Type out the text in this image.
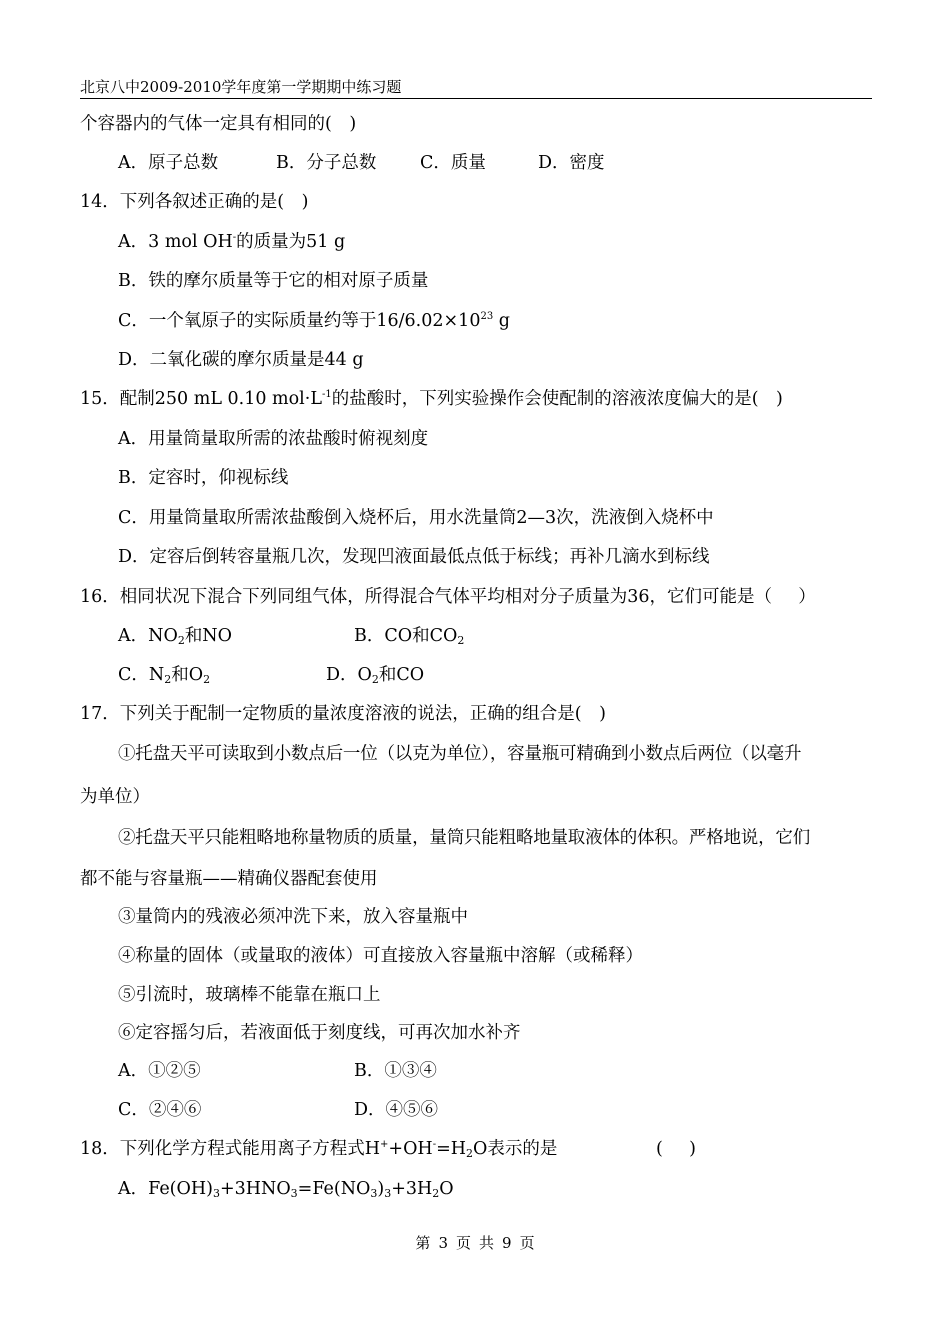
北京八中2009-2010学年度第一学期期中练习题
个容器内的气体一定具有相同的( )
A．原子总数	B．分子总数 C．质量	D．密度
14．下列各叙述正确的是( )
A．3 mol OH-的质量为51 g
B．铁的摩尔质量等于它的相对原子质量
C．一个氧原子的实际质量约等于$16/6.02\times 10^{23}$ g
D．二氧化碳的摩尔质量是44 g
15．配制250 mL 0.10 $mol\cdot L^{-1}$的盐酸时，下列实验操作会使配制的溶液浓度偏大的是( )
A．用量筒量取所需的浓盐酸时俯视刻度
B．定容时，仰视标线
C．用量筒量取所需浓盐酸倒入烧杯后，用水洗量筒2—3次，洗液倒入烧杯中
D．定容后倒转容量瓶几次，发现凹液面最低点低于标线；再补几滴水到标线
16．相同状况下混合下列同组气体，所得混合气体平均相对分子质量为36，它们可能是（  ）
A．$NO_2$和NO	B．CO和$CO_2$
C．$N_2$和$O_2$	D．$O_2$和CO
17．下列关于配制一定物质的量浓度溶液的说法，正确的组合是( )
①托盘天平可读取到小数点后一位（以克为单位），容量瓶可精确到小数点后两位（以毫升
为单位）
②托盘天平只能粗略地称量物质的质量，量筒只能粗略地量取液体的体积。严格地说，它们
都不能与容量瓶——精确仪器配套使用
③量筒内的残液必须冲洗下来，放入容量瓶中
④称量的固体（或量取的液体）可直接放入容量瓶中溶解（或稀释）
⑤引流时，玻璃棒不能靠在瓶口上
⑥定容摇匀后，若液面低于刻度线，可再次加水补齐
A．①②⑤	B．①③④
C．②④⑥	D．④⑤⑥
18．下列化学方程式能用离子方程式$H^++OH^-=H_2O$表示的是	(  )
A．$Fe(OH)_3+3HNO_3=Fe(NO_3)_3+3H_2O$
第 3 页 共 9 页
